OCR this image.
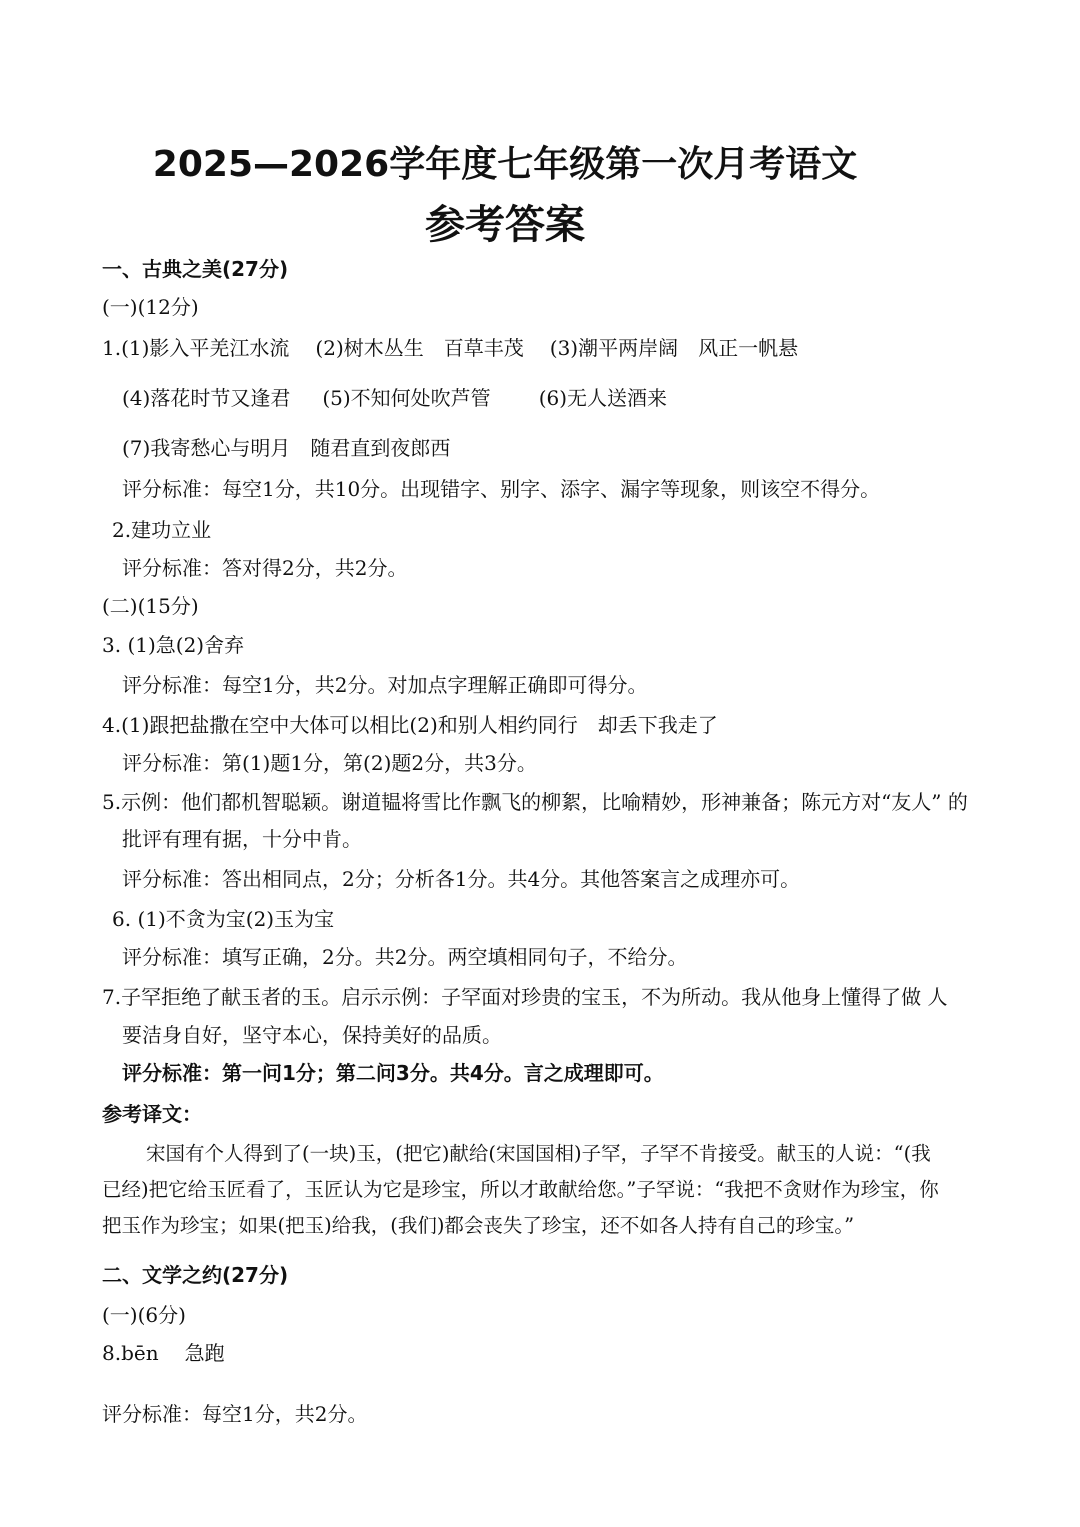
2025—2026学年度七年级第一次月考语文
参考答案
一、古典之美(27分)
(一)(12分)
1.(1)影入平羌江水流 (2)树木丛生　百草丰茂 (3)潮平两岸阔　风正一帆悬
(4)落花时节又逢君 (5)不知何处吹芦管 (6)无人送酒来
(7)我寄愁心与明月　随君直到夜郎西
评分标准：每空1分，共10分。出现错字、别字、添字、漏字等现象，则该空不得分。
2.建功立业
评分标准：答对得2分，共2分。
(二)(15分)
3. (1)急(2)舍弃
评分标准：每空1分，共2分。对加点字理解正确即可得分。
4.(1)跟把盐撒在空中大体可以相比(2)和别人相约同行　却丢下我走了
评分标准：第(1)题1分，第(2)题2分，共3分。
5.示例：他们都机智聪颖。谢道韫将雪比作飘飞的柳絮，比喻精妙，形神兼备；陈元方对“友人” 的
批评有理有据，十分中肯。
评分标准：答出相同点，2分；分析各1分。共4分。其他答案言之成理亦可。
6. (1)不贪为宝(2)玉为宝
评分标准：填写正确，2分。共2分。两空填相同句子，不给分。
7.子罕拒绝了献玉者的玉。启示示例：子罕面对珍贵的宝玉，不为所动。我从他身上懂得了做 人
要洁身自好，坚守本心，保持美好的品质。
评分标准：第一问1分；第二问3分。共4分。言之成理即可。
参考译文：
宋国有个人得到了(一块)玉，(把它)献给(宋国国相)子罕，子罕不肯接受。献玉的人说：“(我
已经)把它给玉匠看了，玉匠认为它是珍宝，所以才敢献给您。”子罕说：“我把不贪财作为珍宝，你
把玉作为珍宝；如果(把玉)给我，(我们)都会丧失了珍宝，还不如各人持有自己的珍宝。”
二、文学之约(27分)
(一)(6分)
8.bēn 急跑
评分标准：每空1分，共2分。
